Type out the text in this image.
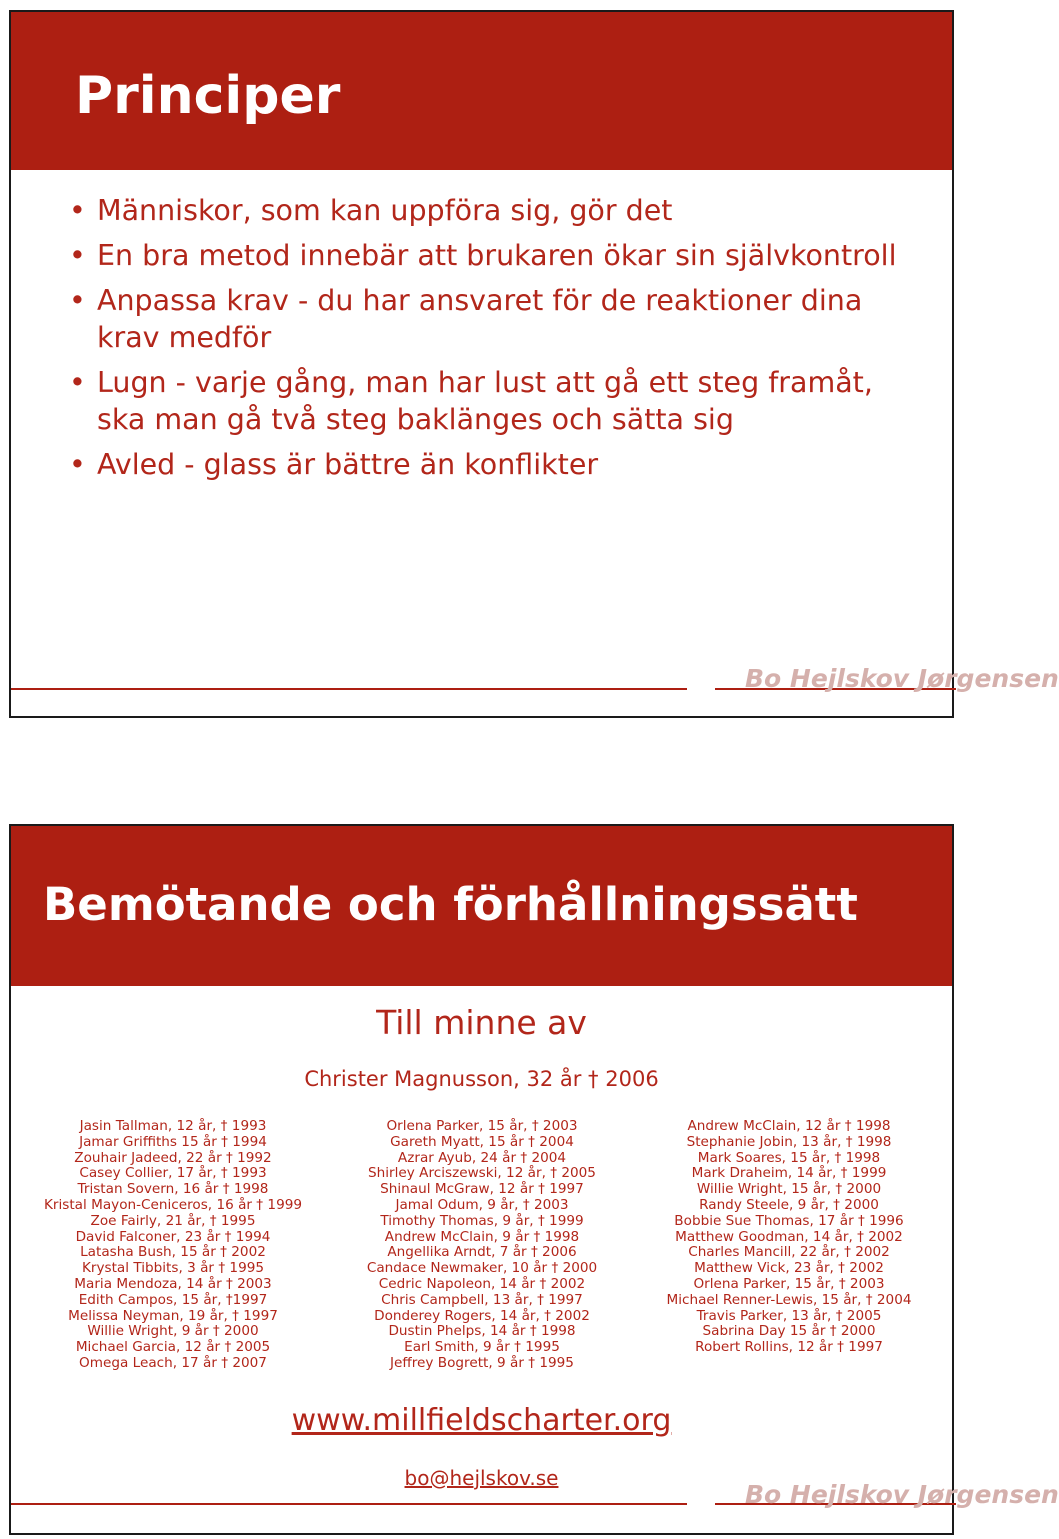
Principer
• Människor, som kan uppföra sig, gör det
• En bra metod innebär att brukaren ökar sin självkontroll
• Anpassa krav - du har ansvaret för de reaktioner dina krav medför
• Lugn - varje gång, man har lust att gå ett steg framåt, ska man gå två steg baklänges och sätta sig
• Avled - glass är bättre än konflikter
Bo Hejlskov Jørgensen
Bemötande och förhållningssätt
Till minne av
Christer Magnusson, 32 år † 2006
Jasin Tallman, 12 år, † 1993
Jamar Griffiths 15 år † 1994
Zouhair Jadeed, 22 år † 1992
Casey Collier, 17 år, † 1993
Tristan Sovern, 16 år † 1998
Kristal Mayon-Ceniceros, 16 år † 1999
Zoe Fairly, 21 år, † 1995
David Falconer, 23 år † 1994
Latasha Bush, 15 år † 2002
Krystal Tibbits, 3 år † 1995
Maria Mendoza, 14 år † 2003
Edith Campos, 15 år, †1997
Melissa Neyman, 19 år, † 1997
Willie Wright, 9 år † 2000
Michael Garcia, 12 år † 2005
Omega Leach, 17 år † 2007
Orlena Parker, 15 år, † 2003
Gareth Myatt, 15 år † 2004
Azrar Ayub, 24 år † 2004
Shirley Arciszewski, 12 år, † 2005
Shinaul McGraw, 12 år † 1997
Jamal Odum, 9 år, † 2003
Timothy Thomas, 9 år, † 1999
Andrew McClain, 9 år † 1998
Angellika Arndt, 7 år † 2006
Candace Newmaker, 10 år † 2000
Cedric Napoleon, 14 år † 2002
Chris Campbell, 13 år, † 1997
Donderey Rogers, 14 år, † 2002
Dustin Phelps, 14 år † 1998
Earl Smith, 9 år † 1995
Jeffrey Bogrett, 9 år † 1995
Andrew McClain, 12 år † 1998
Stephanie Jobin, 13 år, † 1998
Mark Soares, 15 år, † 1998
Mark Draheim, 14 år, † 1999
Willie Wright, 15 år, † 2000
Randy Steele, 9 år, † 2000
Bobbie Sue Thomas, 17 år † 1996
Matthew Goodman, 14 år, † 2002
Charles Mancill, 22 år, † 2002
Matthew Vick, 23 år, † 2002
Orlena Parker, 15 år, † 2003
Michael Renner-Lewis, 15 år, † 2004
Travis Parker, 13 år, † 2005
Sabrina Day 15 år † 2000
Robert Rollins, 12 år † 1997
www.millfieldscharter.org
bo@hejlskov.se
Bo Hejlskov Jørgensen
